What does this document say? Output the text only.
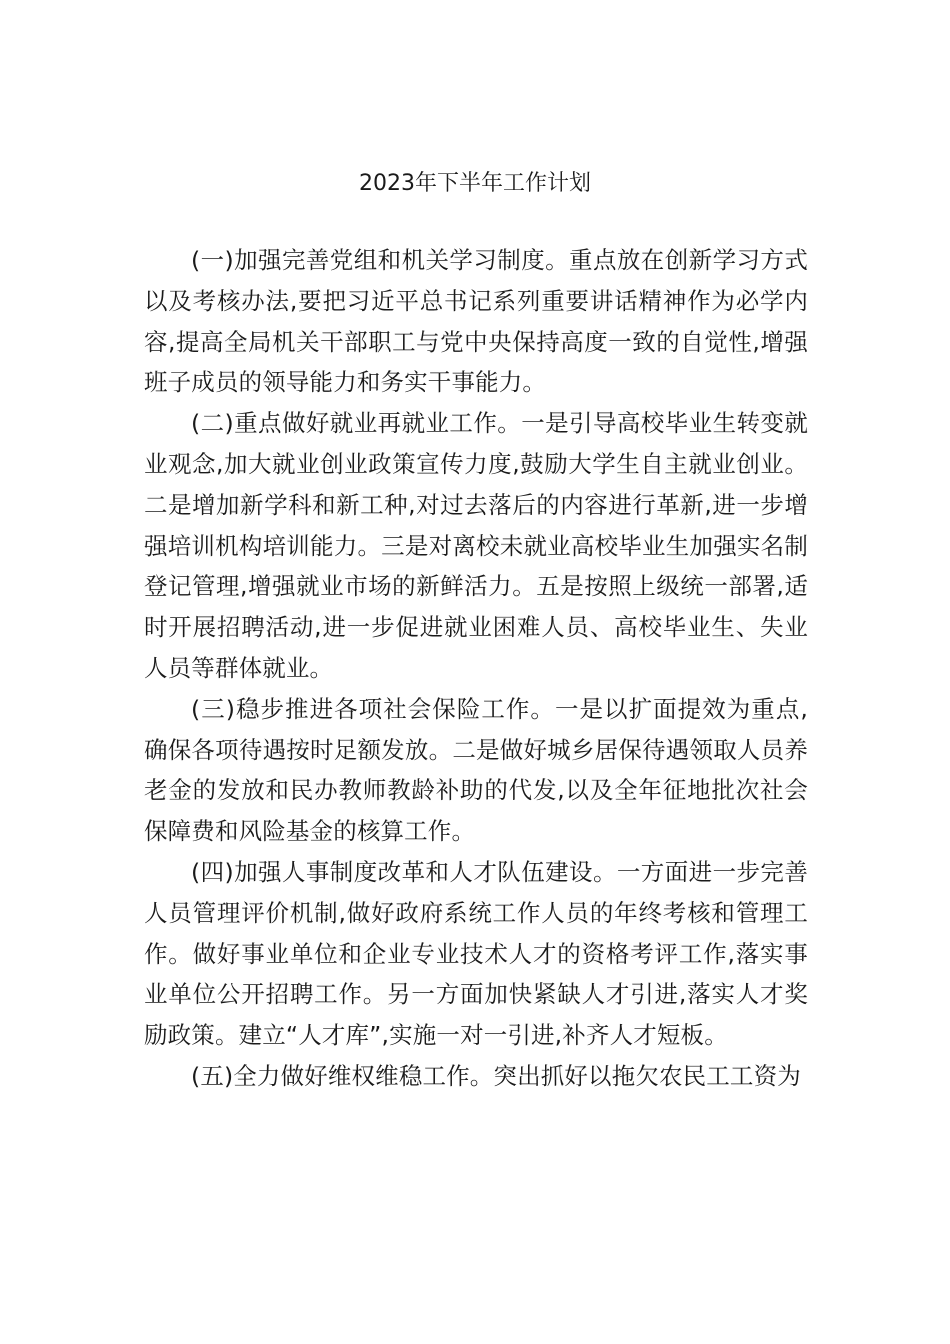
2023年下半年工作计划

(一)加强完善党组和机关学习制度。重点放在创新学习方式以及考核办法,要把习近平总书记系列重要讲话精神作为必学内容,提高全局机关干部职工与党中央保持高度一致的自觉性,增强班子成员的领导能力和务实干事能力。

(二)重点做好就业再就业工作。一是引导高校毕业生转变就业观念,加大就业创业政策宣传力度,鼓励大学生自主就业创业。二是增加新学科和新工种,对过去落后的内容进行革新,进一步增强培训机构培训能力。三是对离校未就业高校毕业生加强实名制登记管理,增强就业市场的新鲜活力。五是按照上级统一部署,适时开展招聘活动,进一步促进就业困难人员、高校毕业生、失业人员等群体就业。

(三)稳步推进各项社会保险工作。一是以扩面提效为重点,确保各项待遇按时足额发放。二是做好城乡居保待遇领取人员养老金的发放和民办教师教龄补助的代发,以及全年征地批次社会保障费和风险基金的核算工作。

(四)加强人事制度改革和人才队伍建设。一方面进一步完善人员管理评价机制,做好政府系统工作人员的年终考核和管理工作。做好事业单位和企业专业技术人才的资格考评工作,落实事业单位公开招聘工作。另一方面加快紧缺人才引进,落实人才奖励政策。建立“人才库”,实施一对一引进,补齐人才短板。

(五)全力做好维权维稳工作。突出抓好以拖欠农民工工资为
